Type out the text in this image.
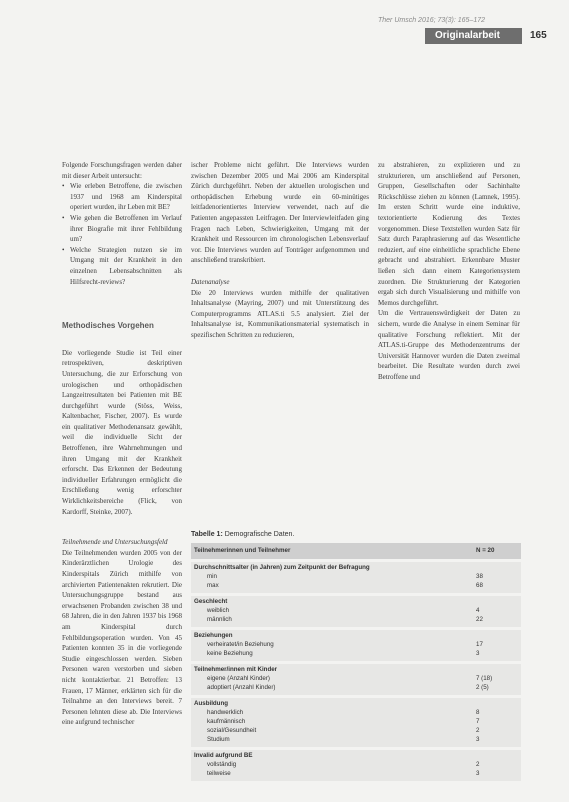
Ther Umsch 2016; 73(3): 165–172
Originalarbeit	165

Folgende Forschungsfragen werden daher mit dieser Arbeit untersucht:

• Wie erleben Betroffene, die zwischen 1937 und 1968 am Kinderspital operiert wurden, ihr Leben mit BE?
• Wie gehen die Betroffenen im Verlauf ihrer Biografie mit ihrer Fehlbildung um?
• Welche Strategien nutzen sie im Umgang mit der Krankheit in den einzelnen Lebensabschnitten als Hilfsrecht-reviews?

Methodisches Vorgehen

Die vorliegende Studie ist Teil einer retrospektiven, deskriptiven Untersuchung, die zur Erforschung von urologischen und orthopädischen Langzeitresultaten bei Patienten mit BE durchgeführt wurde (Stöss, Weiss, Kaltenbacher, Fischer, 2007). Es wurde ein qualitativer Methodenansatz gewählt, weil die individuelle Sicht der Betroffenen, ihre Wahrnehmungen und ihren Umgang mit der Krankheit erforscht. Das Erkennen der Bedeutung individueller Erfahrungen ermöglicht die Erschließung wenig erforschter Wirklichkeitsbereiche (Flick, von Kardorff, Steinke, 2007).

Teilnehmende und Untersuchungsfeld

Die Teilnehmenden wurden 2005 von der Kinderärztlichen Urologie des Kinderspitals Zürich mithilfe von archivierten Patientenakten rekrutiert. Die Untersuchungsgruppe bestand aus erwachsenen Probanden zwischen 38 und 68 Jahren, die in den Jahren 1937 bis 1968 am Kinderspital durch Fehlbildungsoperation wurden. Von 45 Patienten konnten 35 in die vorliegende Studie eingeschlossen werden. Sieben Personen waren verstorben und sieben nicht kontaktierbar. 21 Betroffen: 13 Frauen, 17 Männer, erklärten sich für die Teilnahme an den Interviews bereit. 7 Personen lehnten diese ab. Die Interviews eine aufgrund technischer

ischer Probleme nicht geführt. Die Interviews wurden zwischen Dezember 2005 und Mai 2006 am Kinderspital Zürich durchgeführt. Neben der aktuellen urologischen und orthopädischen Erhebung wurde ein 60-minütiges leitfadenorientiertes Interview verwendet, nach auf die Patienten angepassten Leitfragen. Der Interviewleitfaden ging Fragen nach Leben, Schwierigkeiten, Umgang mit der Krankheit und Ressourcen im chronologischen Lebensverlauf vor. Die Interviews wurden auf Tonträger aufgenommen und anschließend transkribiert.

Datenanalyse

Die 20 Interviews wurden mithilfe der qualitativen Inhaltsanalyse (Mayring, 2007) und mit Unterstützung des Computerprogramms ATLAS.ti 5.5 analysiert. Ziel der Inhaltsanalyse ist, Kommunikationsmaterial systematisch in spezifischen Schritten zu reduzieren,

zu abstrahieren, zu explizieren und zu strukturieren, um anschließend auf Personen, Gruppen, Gesellschaften oder Sachinhalte Rückschlüsse ziehen zu können (Lamnek, 1995). Im ersten Schritt wurde eine induktive, textorientierte Kodierung des Textes vorgenommen. Diese Textstellen wurden Satz für Satz durch Paraphrasierung auf das Wesentliche reduziert, auf eine einheitliche sprachliche Ebene gebracht und abstrahiert. Erkennbare Muster ließen sich dann einem Kategoriensystem zuordnen. Die Strukturierung der Kategorien ergab sich durch Visualisierung und mithilfe von Memos durchgeführt.

Um die Vertrauenswürdigkeit der Daten zu sichern, wurde die Analyse in einem Seminar für qualitative Forschung reflektiert. Mit der ATLAS.ti-Gruppe des Methodenzentrums der Universität Hannover wurden die Daten zweimal bearbeitet. Die Resultate wurden durch zwei Betroffene und

Tabelle 1: Demografische Daten.
Teilnehmerinnen und Teilnehmer	N = 20
Durchschnittsalter (in Jahren) zum Zeitpunkt der Befragung
min	38
max	68
Geschlecht
weiblich	4
männlich	22
Beziehungen
verheiratet/in Beziehung	17
keine Beziehung	3
Teilnehmer/innen mit Kinder
eigene (Anzahl Kinder)	7 (18)
adoptiert (Anzahl Kinder)	2 (5)
Ausbildung
handwerklich	8
kaufmännisch	7
sozial/Gesundheit	2
Studium	3
Invalid aufgrund BE
vollständig	2
teilweise	3
